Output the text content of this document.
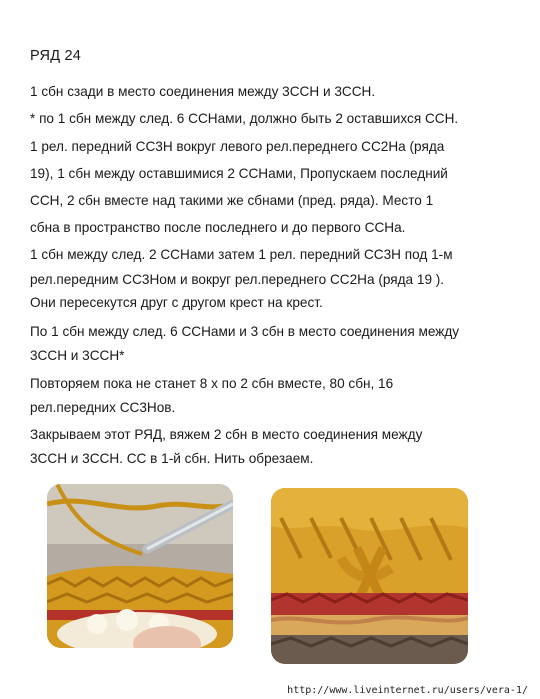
РЯД 24

1 сбн сзади в место соединения между 3ССН и 3ССН.

* по 1 сбн между след. 6 ССНами, должно быть 2 оставшихся ССН.

1 рел. передний СС3Н вокруг левого рел.переднего СС2На (ряда

19), 1 сбн между оставшимися 2 ССНами, Пропускаем последний

ССН, 2 сбн вместе над такими же сбнами (пред. ряда). Место 1

сбна в пространство после последнего и до первого ССНа.

1 сбн между след. 2 ССНами затем 1 рел. передний СС3Н под 1-м

рел.передним СС3Ном и вокруг рел.переднего СС2На (ряда 19 ).

Они пересекутся друг с другом крест на крест.

По 1 сбн между след. 6 ССНами и 3 сбн в место соединения между

3ССН и 3ССН*

Повторяем пока не станет 8 х по 2 сбн вместе, 80 сбн, 16

рел.передних СС3Нов.

Закрываем этот РЯД, вяжем 2 сбн в место соединения между

3ССН и 3ССН. СС в 1-й сбн. Нить обрезаем.

http://www.liveinternet.ru/users/vera-1/
